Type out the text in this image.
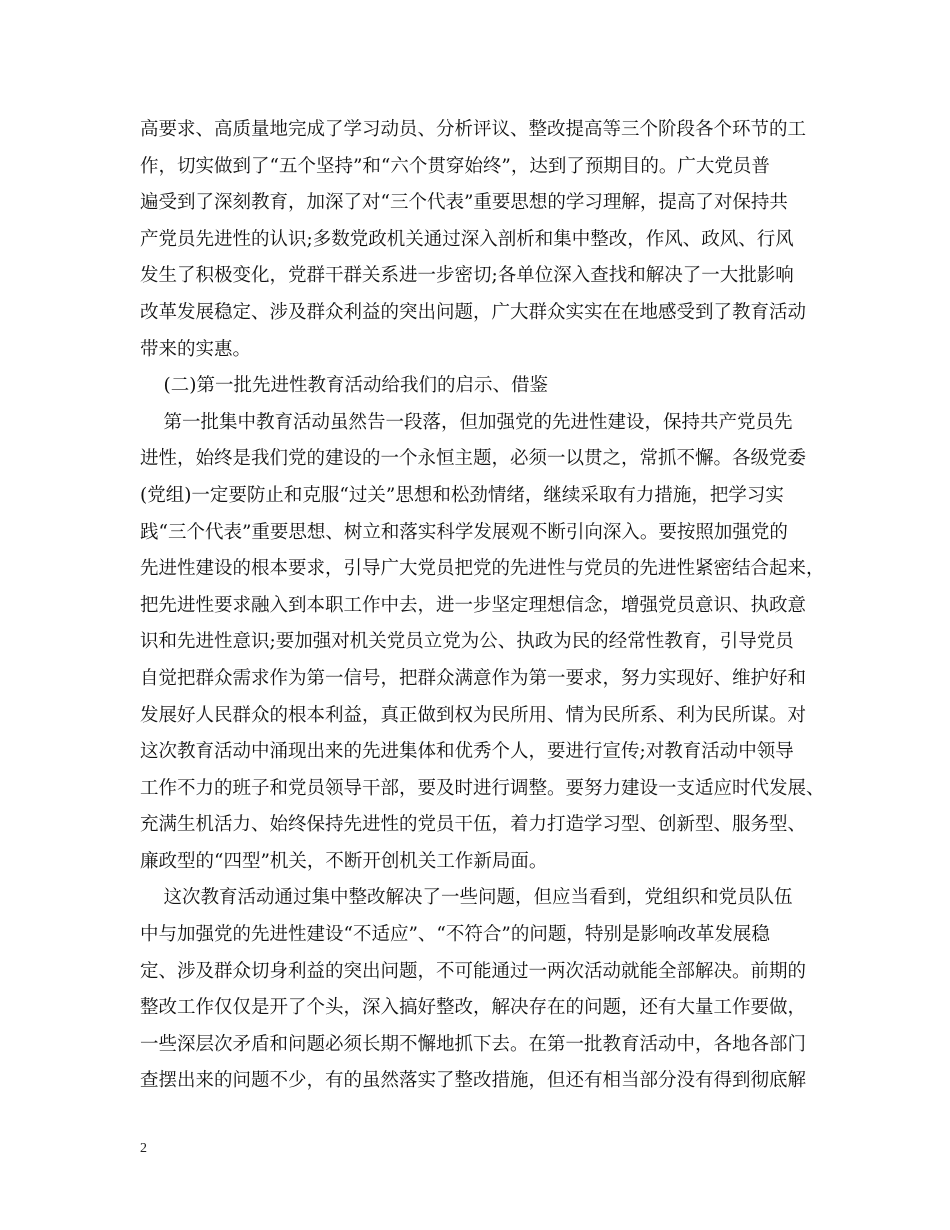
高要求、高质量地完成了学习动员、分析评议、整改提高等三个阶段各个环节的工
作，切实做到了“五个坚持”和“六个贯穿始终”，达到了预期目的。广大党员普
遍受到了深刻教育，加深了对“三个代表”重要思想的学习理解，提高了对保持共
产党员先进性的认识;多数党政机关通过深入剖析和集中整改，作风、政风、行风
发生了积极变化，党群干群关系进一步密切;各单位深入查找和解决了一大批影响
改革发展稳定、涉及群众利益的突出问题，广大群众实实在在地感受到了教育活动
带来的实惠。
(二)第一批先进性教育活动给我们的启示、借鉴
第一批集中教育活动虽然告一段落，但加强党的先进性建设，保持共产党员先
进性，始终是我们党的建设的一个永恒主题，必须一以贯之，常抓不懈。各级党委
(党组)一定要防止和克服“过关”思想和松劲情绪，继续采取有力措施，把学习实
践“三个代表”重要思想、树立和落实科学发展观不断引向深入。要按照加强党的
先进性建设的根本要求，引导广大党员把党的先进性与党员的先进性紧密结合起来，
把先进性要求融入到本职工作中去，进一步坚定理想信念，增强党员意识、执政意
识和先进性意识;要加强对机关党员立党为公、执政为民的经常性教育，引导党员
自觉把群众需求作为第一信号，把群众满意作为第一要求，努力实现好、维护好和
发展好人民群众的根本利益，真正做到权为民所用、情为民所系、利为民所谋。对
这次教育活动中涌现出来的先进集体和优秀个人，要进行宣传;对教育活动中领导
工作不力的班子和党员领导干部，要及时进行调整。要努力建设一支适应时代发展、
充满生机活力、始终保持先进性的党员干伍，着力打造学习型、创新型、服务型、
廉政型的“四型”机关，不断开创机关工作新局面。
这次教育活动通过集中整改解决了一些问题，但应当看到，党组织和党员队伍
中与加强党的先进性建设“不适应”、“不符合”的问题，特别是影响改革发展稳
定、涉及群众切身利益的突出问题，不可能通过一两次活动就能全部解决。前期的
整改工作仅仅是开了个头，深入搞好整改，解决存在的问题，还有大量工作要做，
一些深层次矛盾和问题必须长期不懈地抓下去。在第一批教育活动中，各地各部门
查摆出来的问题不少，有的虽然落实了整改措施，但还有相当部分没有得到彻底解
2
